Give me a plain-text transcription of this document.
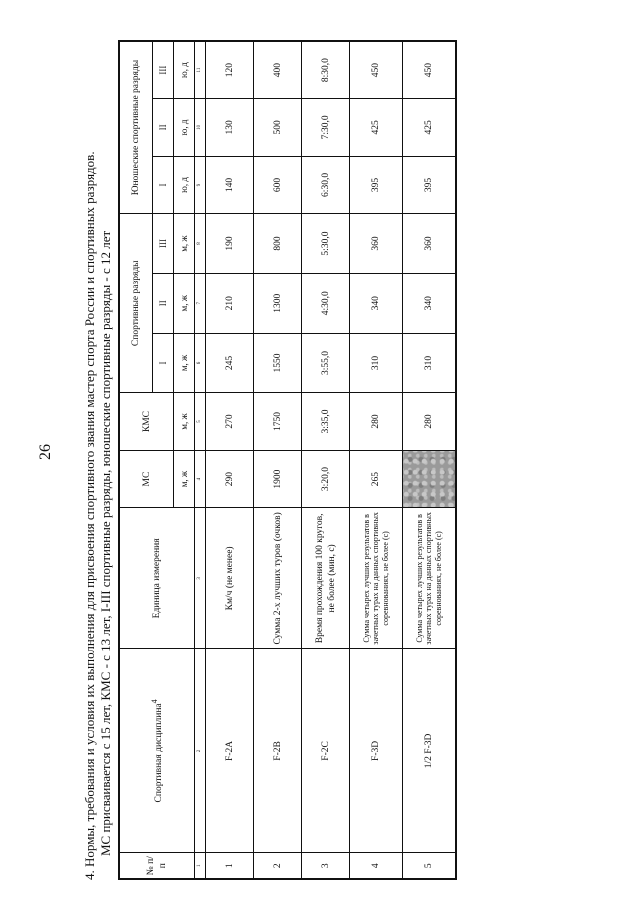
26 4. Нормы, требования и условия их выполнения для присвоения спортивного звания мастер спорта России и спортивных разрядов. МС присваивается с 15 лет, КМС - с 13 лет, I-III спортивные разряды, юношеские спортивные разряды - с 12 лет
№ п/п	Спортивная дисциплина$^4$	Единица измерения	МС	КМС	Спортивные разряды			Юношеские спортивные разряды		
					I	II	III	I	II	III
			м, ж	м, ж	м, ж	м, ж	м, ж	ю, д	ю, д	ю, д
1	2	3	4	5	6	7	8	9	10	11
1	F-2A	Км/ч (не менее)	290	270	245	210	190	140	130	120
2	F-2B	Сумма 2-х лучших туров (очков)	1900	1750	1550	1300	800	600	500	400
3	F-2C	Время прохождения 100 кругов, не более (мин, с)	3:20,0	3:35,0	3:55,0	4:30,0	5:30,0	6:30,0	7:30,0	8:30,0
4	F-3D	Сумма четырех лучших результатов в зачетных турах на данных спортивных соревнованиях, не более (с)	265	280	310	340	360	395	425	450
5	1/2 F-3D	Сумма четырех лучших результатов в зачетных турах на данных спортивных соревнованиях, не более (с)		280	310	340	360	395	425	450
